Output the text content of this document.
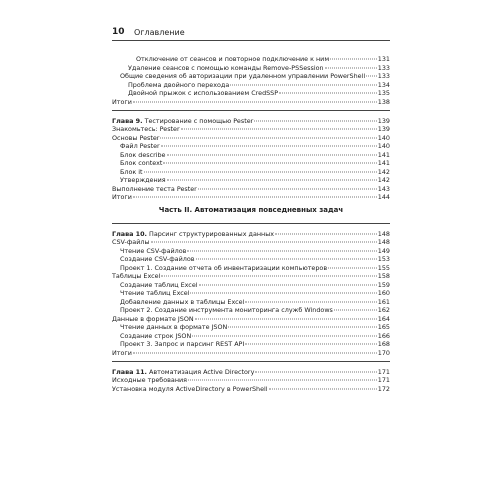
10 Оглавление
Отключение от сеансов и повторное подключение к ним	131
Удаление сеансов с помощью команды Remove-PSSession	133
Общие сведения об авторизации при удаленном управлении PowerShell 133
Проблема двойного перехода	134
Двойной прыжок с использованием CredSSP	135
Итоги	138
Глава 9. Тестирование с помощью Pester	139
Знакомьтесь: Pester	139
Основы Pester	140
Файл Pester	140
Блок describe	141
Блок context	141
Блок it	142
Утверждения	142
Выполнение теста Pester	143
Итоги	144
Часть II. Автоматизация повседневных задач
Глава 10. Парсинг структурированных данных	148
CSV-файлы	148
Чтение CSV-файлов	149
Создание CSV-файлов	153
Проект 1. Создание отчета об инвентаризации компьютеров	155
Таблицы Excel	158
Создание таблиц Excel	159
Чтение таблиц Excel	160
Добавление данных в таблицы Excel	161
Проект 2. Создание инструмента мониторинга служб Windows	162
Данные в формате JSON	164
Чтение данных в формате JSON	165
Создание строк JSON	166
Проект 3. Запрос и парсинг REST API	168
Итоги	170
Глава 11. Автоматизация Active Directory	171
Исходные требования	171
Установка модуля ActiveDirectory в PowerShell	172
